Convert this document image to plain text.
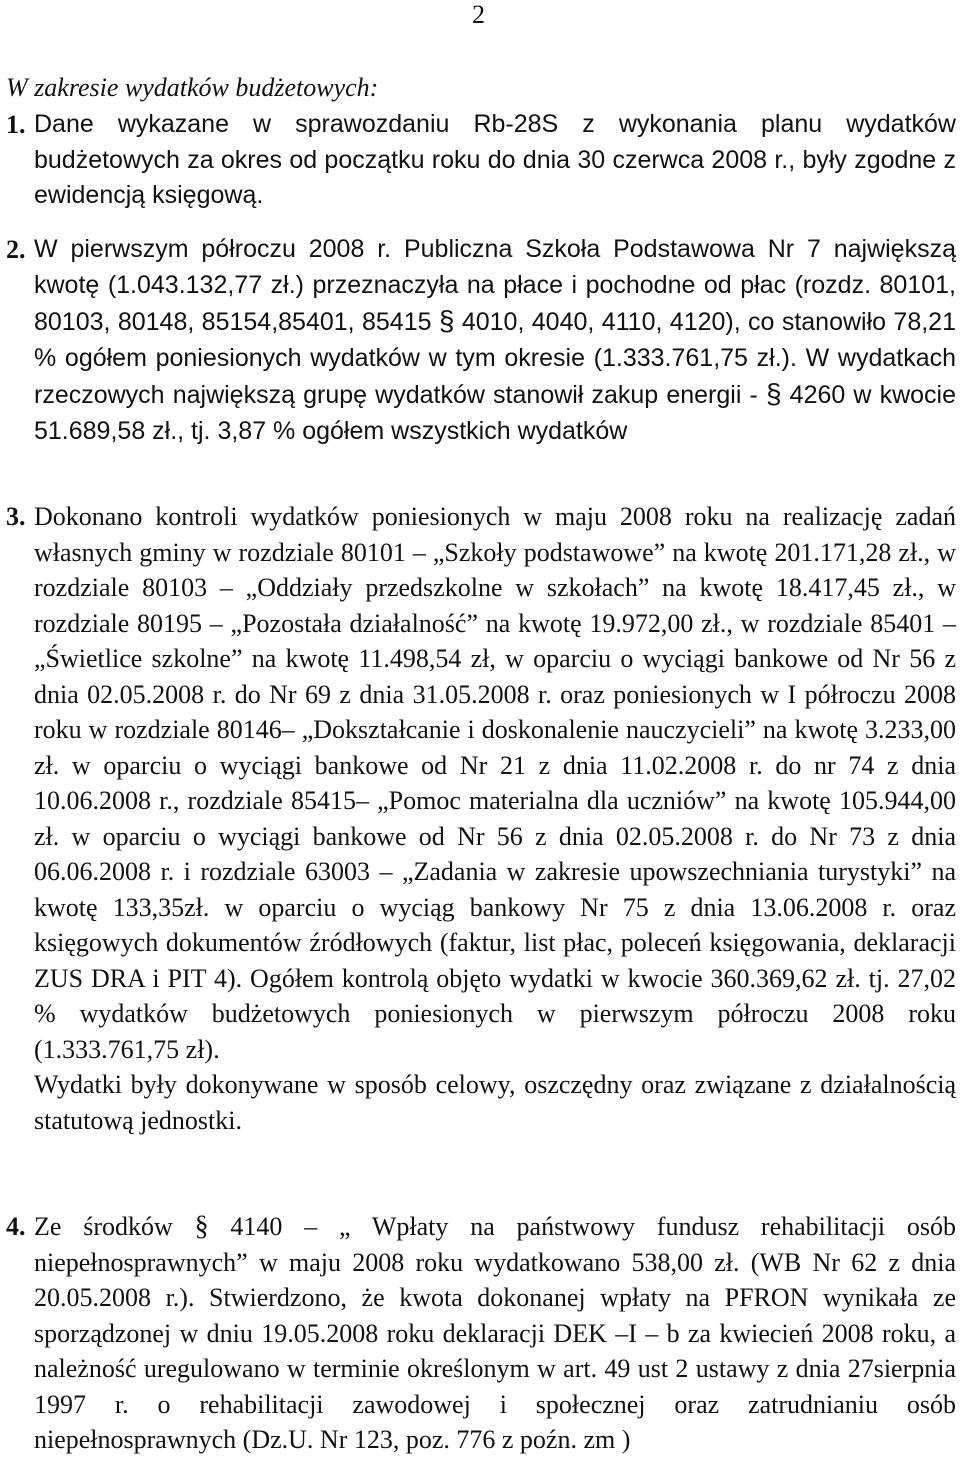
2
W zakresie wydatków budżetowych:
1. Dane wykazane w sprawozdaniu Rb-28S z wykonania planu wydatków budżetowych za okres od początku roku do dnia 30 czerwca 2008 r., były zgodne z ewidencją księgową.
2. W pierwszym półroczu 2008 r. Publiczna Szkoła Podstawowa Nr 7 największą kwotę (1.043.132,77 zł.) przeznaczyła na płace i pochodne od płac (rozdz. 80101, 80103, 80148, 85154,85401, 85415 § 4010, 4040, 4110, 4120), co stanowiło 78,21 % ogółem poniesionych wydatków w tym okresie (1.333.761,75 zł.). W wydatkach rzeczowych największą grupę wydatków stanowił zakup energii - § 4260 w kwocie 51.689,58 zł., tj. 3,87 % ogółem wszystkich wydatków
3. Dokonano kontroli wydatków poniesionych w maju 2008 roku na realizację zadań własnych gminy w rozdziale 80101 – „Szkoły podstawowe” na kwotę 201.171,28 zł., w rozdziale 80103 – „Oddziały przedszkolne w szkołach” na kwotę 18.417,45 zł., w rozdziale 80195 – „Pozostała działalność” na kwotę 19.972,00 zł., w rozdziale 85401 – „Świetlice szkolne” na kwotę 11.498,54 zł, w oparciu o wyciągi bankowe od Nr 56 z dnia 02.05.2008 r. do Nr 69 z dnia 31.05.2008 r. oraz poniesionych w I półroczu 2008 roku w rozdziale 80146– „Dokształcanie i doskonalenie nauczycieli” na kwotę 3.233,00 zł. w oparciu o wyciągi bankowe od Nr 21 z dnia 11.02.2008 r. do nr 74 z dnia 10.06.2008 r., rozdziale 85415– „Pomoc materialna dla uczniów” na kwotę 105.944,00 zł. w oparciu o wyciągi bankowe od Nr 56 z dnia 02.05.2008 r. do Nr 73 z dnia 06.06.2008 r. i rozdziale 63003 – „Zadania w zakresie upowszechniania turystyki” na kwotę 133,35zł. w oparciu o wyciąg bankowy Nr 75 z dnia 13.06.2008 r. oraz księgowych dokumentów źródłowych (faktur, list płac, poleceń księgowania, deklaracji ZUS DRA i PIT 4). Ogółem kontrolą objęto wydatki w kwocie 360.369,62 zł. tj. 27,02 % wydatków budżetowych poniesionych w pierwszym półroczu 2008 roku (1.333.761,75 zł).
Wydatki były dokonywane w sposób celowy, oszczędny oraz związane z działalnością statutową jednostki.
4. Ze środków § 4140 – „ Wpłaty na państwowy fundusz rehabilitacji osób niepełnosprawnych” w maju 2008 roku wydatkowano 538,00 zł. (WB Nr 62 z dnia 20.05.2008 r.). Stwierdzono, że kwota dokonanej wpłaty na PFRON wynikała ze sporządzonej w dniu 19.05.2008 roku deklaracji DEK –I – b za kwiecień 2008 roku, a należność uregulowano w terminie określonym w art. 49 ust 2 ustawy z dnia 27sierpnia 1997 r. o rehabilitacji zawodowej i społecznej oraz zatrudnianiu osób niepełnosprawnych (Dz.U. Nr 123, poz. 776 z poźn. zm )
